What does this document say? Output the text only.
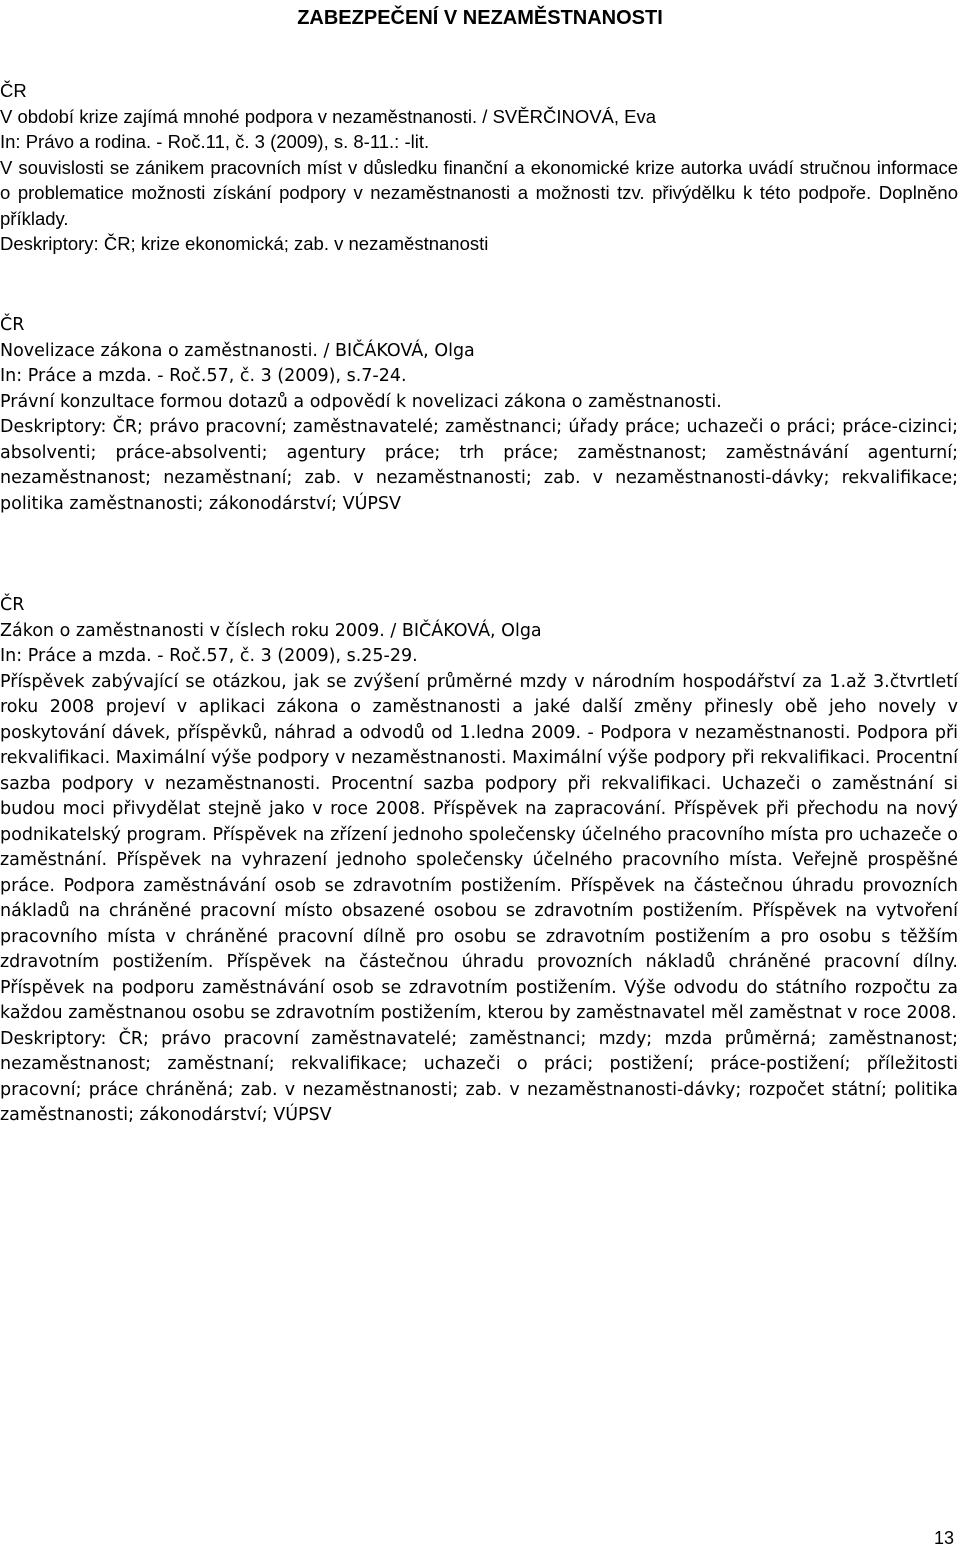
ZABEZPEČENÍ V NEZAMĚSTNANOSTI
ČR
V období krize zajímá mnohé podpora v nezaměstnanosti. / SVĚRČINOVÁ, Eva
In: Právo a rodina. - Roč.11, č. 3 (2009), s. 8-11.: -lit.
V souvislosti se zánikem pracovních míst v důsledku finanční a ekonomické krize autorka uvádí stručnou informace o problematice možnosti získání podpory v nezaměstnanosti a možnosti tzv. přivýdělku k této podpoře. Doplněno příklady.
Deskriptory: ČR; krize ekonomická; zab. v nezaměstnanosti
ČR
Novelizace zákona o zaměstnanosti. / BIČÁKOVÁ, Olga
In: Práce a mzda. - Roč.57, č. 3 (2009), s.7-24.
Právní konzultace formou dotazů a odpovědí k novelizaci zákona o zaměstnanosti.
Deskriptory: ČR; právo pracovní; zaměstnavatelé; zaměstnanci; úřady práce; uchazeči o práci; práce-cizinci; absolventi; práce-absolventi; agentury práce; trh práce; zaměstnanost; zaměstnávání agenturní; nezaměstnanost; nezaměstnaní; zab. v nezaměstnanosti; zab. v nezaměstnanosti-dávky; rekvalifikace; politika zaměstnanosti; zákonodárství; VÚPSV
ČR
Zákon o zaměstnanosti v číslech roku 2009. / BIČÁKOVÁ, Olga
In: Práce a mzda. - Roč.57, č. 3 (2009), s.25-29.
Příspěvek zabývající se otázkou, jak se zvýšení průměrné mzdy v národním hospodářství za 1.až 3.čtvrtletí roku 2008 projeví v aplikaci zákona o zaměstnanosti a jaké další změny přinesly obě jeho novely v poskytování dávek, příspěvků, náhrad a odvodů od 1.ledna 2009. - Podpora v nezaměstnanosti. Podpora při rekvalifikaci. Maximální výše podpory v nezaměstnanosti. Maximální výše podpory při rekvalifikaci. Procentní sazba podpory v nezaměstnanosti. Procentní sazba podpory při rekvalifikaci. Uchazeči o zaměstnání si budou moci přivydělat stejně jako v roce 2008. Příspěvek na zapracování. Příspěvek při přechodu na nový podnikatelský program. Příspěvek na zřízení jednoho společensky účelného pracovního místa pro uchazeče o zaměstnání. Příspěvek na vyhrazení jednoho společensky účelného pracovního místa. Veřejně prospěšné práce. Podpora zaměstnávání osob se zdravotním postižením. Příspěvek na částečnou úhradu provozních nákladů na chráněné pracovní místo obsazené osobou se zdravotním postižením. Příspěvek na vytvoření pracovního místa v chráněné pracovní dílně pro osobu se zdravotním postižením a pro osobu s těžším zdravotním postižením. Příspěvek na částečnou úhradu provozních nákladů chráněné pracovní dílny. Příspěvek na podporu zaměstnávání osob se zdravotním postižením. Výše odvodu do státního rozpočtu za každou zaměstnanou osobu se zdravotním postižením, kterou by zaměstnavatel měl zaměstnat v roce 2008.
Deskriptory: ČR; právo pracovní zaměstnavatelé; zaměstnanci; mzdy; mzda průměrná; zaměstnanost; nezaměstnanost; zaměstnaní; rekvalifikace; uchazeči o práci; postižení; práce-postižení; příležitosti pracovní; práce chráněná; zab. v nezaměstnanosti; zab. v nezaměstnanosti-dávky; rozpočet státní; politika zaměstnanosti; zákonodárství; VÚPSV
13
